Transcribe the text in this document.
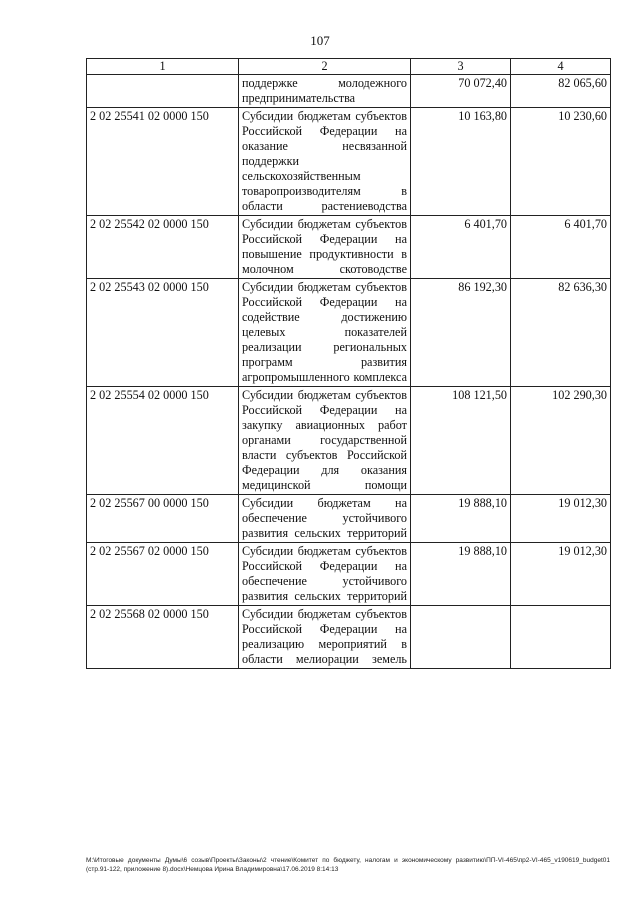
107
1	2	3	4
	поддержке молодежного предпринимательства	70 072,40	82 065,60
2 02 25541 02 0000 150	Субсидии бюджетам субъектов Российской Федерации на оказание несвязанной поддержки сельскохозяйственным товаропроизводителям в области растениеводства	10 163,80	10 230,60
2 02 25542 02 0000 150	Субсидии бюджетам субъектов Российской Федерации на повышение продуктивности в молочном скотоводстве	6 401,70	6 401,70
2 02 25543 02 0000 150	Субсидии бюджетам субъектов Российской Федерации на содействие достижению целевых показателей реализации региональных программ развития агропромышленного комплекса	86 192,30	82 636,30
2 02 25554 02 0000 150	Субсидии бюджетам субъектов Российской Федерации на закупку авиационных работ органами государственной власти субъектов Российской Федерации для оказания медицинской помощи	108 121,50	102 290,30
2 02 25567 00 0000 150	Субсидии бюджетам на обеспечение устойчивого развития сельских территорий	19 888,10	19 012,30
2 02 25567 02 0000 150	Субсидии бюджетам субъектов Российской Федерации на обеспечение устойчивого развития сельских территорий	19 888,10	19 012,30
2 02 25568 02 0000 150	Субсидии бюджетам субъектов Российской Федерации на реализацию мероприятий в области мелиорации земель		
M:\Итоговые документы Думы\6 созыв\Проекты\Законы\2 чтение\Комитет по бюджету, налогам и экономическому развитию\ПП-VI-465\пр2-VI-465_v190619_budget01 (стр.91-122, приложение 8).docx\Немцова Ирина Владимировна\17.06.2019 8:14:13
